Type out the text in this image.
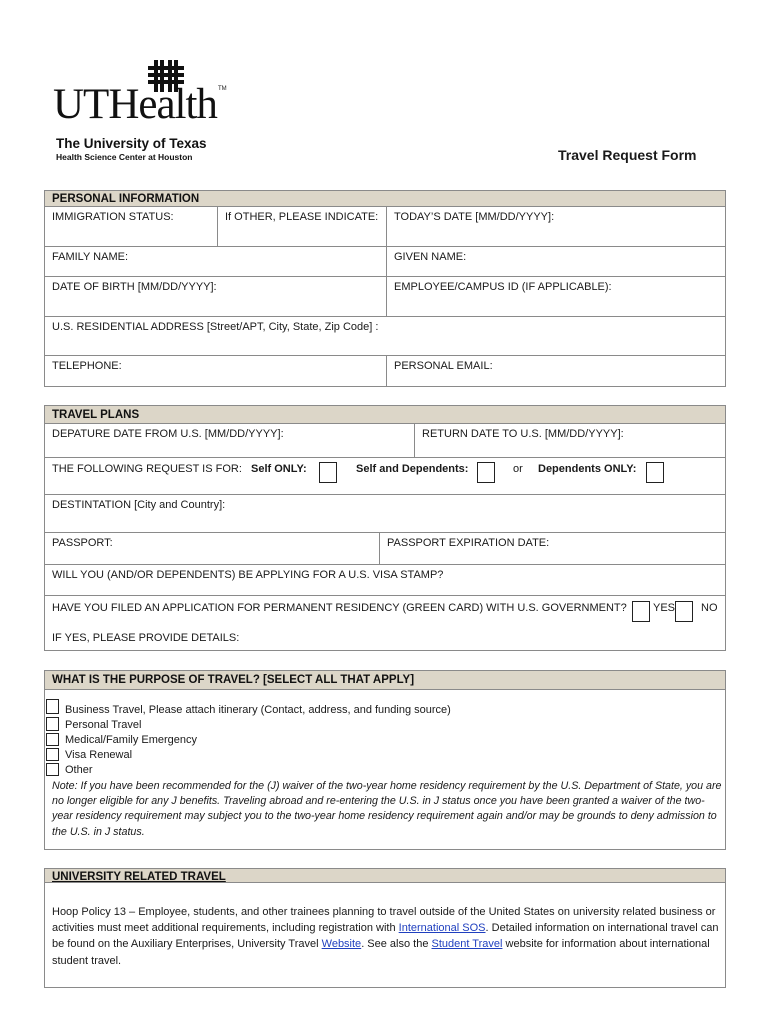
UTHealth TM
The University of Texas
Health Science Center at Houston	Travel Request Form
PERSONAL INFORMATION
IMMIGRATION STATUS:	If OTHER, PLEASE INDICATE:	TODAY’S DATE [MM/DD/YYYY]:
FAMILY NAME:	GIVEN NAME:
DATE OF BIRTH [MM/DD/YYYY]:	EMPLOYEE/CAMPUS ID (IF APPLICABLE):
U.S. RESIDENTIAL ADDRESS [Street/APT, City, State, Zip Code] :
TELEPHONE:	PERSONAL EMAIL:
TRAVEL PLANS
DEPATURE DATE FROM U.S. [MM/DD/YYYY]:	RETURN DATE TO U.S. [MM/DD/YYYY]:
THE FOLLOWING REQUEST IS FOR: Self ONLY:	Self and Dependents:	or Dependents ONLY:
DESTINTATION [City and Country]:
PASSPORT:	PASSPORT EXPIRATION DATE:
WILL YOU (AND/OR DEPENDENTS) BE APPLYING FOR A U.S. VISA STAMP?
HAVE YOU FILED AN APPLICATION FOR PERMANENT RESIDENCY (GREEN CARD) WITH U.S. GOVERNMENT? YES NO
IF YES, PLEASE PROVIDE DETAILS:
WHAT IS THE PURPOSE OF TRAVEL? [SELECT ALL THAT APPLY]
Business Travel, Please attach itinerary (Contact, address, and funding source)
Personal Travel
Medical/Family Emergency
Visa Renewal
Other
Note: If you have been recommended for the (J) waiver of the two-year home residency requirement by the U.S. Department of State, you are no longer eligible for any J benefits. Traveling abroad and re-entering the U.S. in J status once you have been granted a waiver of the two-year residency requirement may subject you to the two-year home residency requirement again and/or may be grounds to deny admission to the U.S. in J status.
UNIVERSITY RELATED TRAVEL
Hoop Policy 13 – Employee, students, and other trainees planning to travel outside of the United States on university related business or activities must meet additional requirements, including registration with International SOS. Detailed information on international travel can be found on the Auxiliary Enterprises, University Travel Website. See also the Student Travel website for information about international student travel.
